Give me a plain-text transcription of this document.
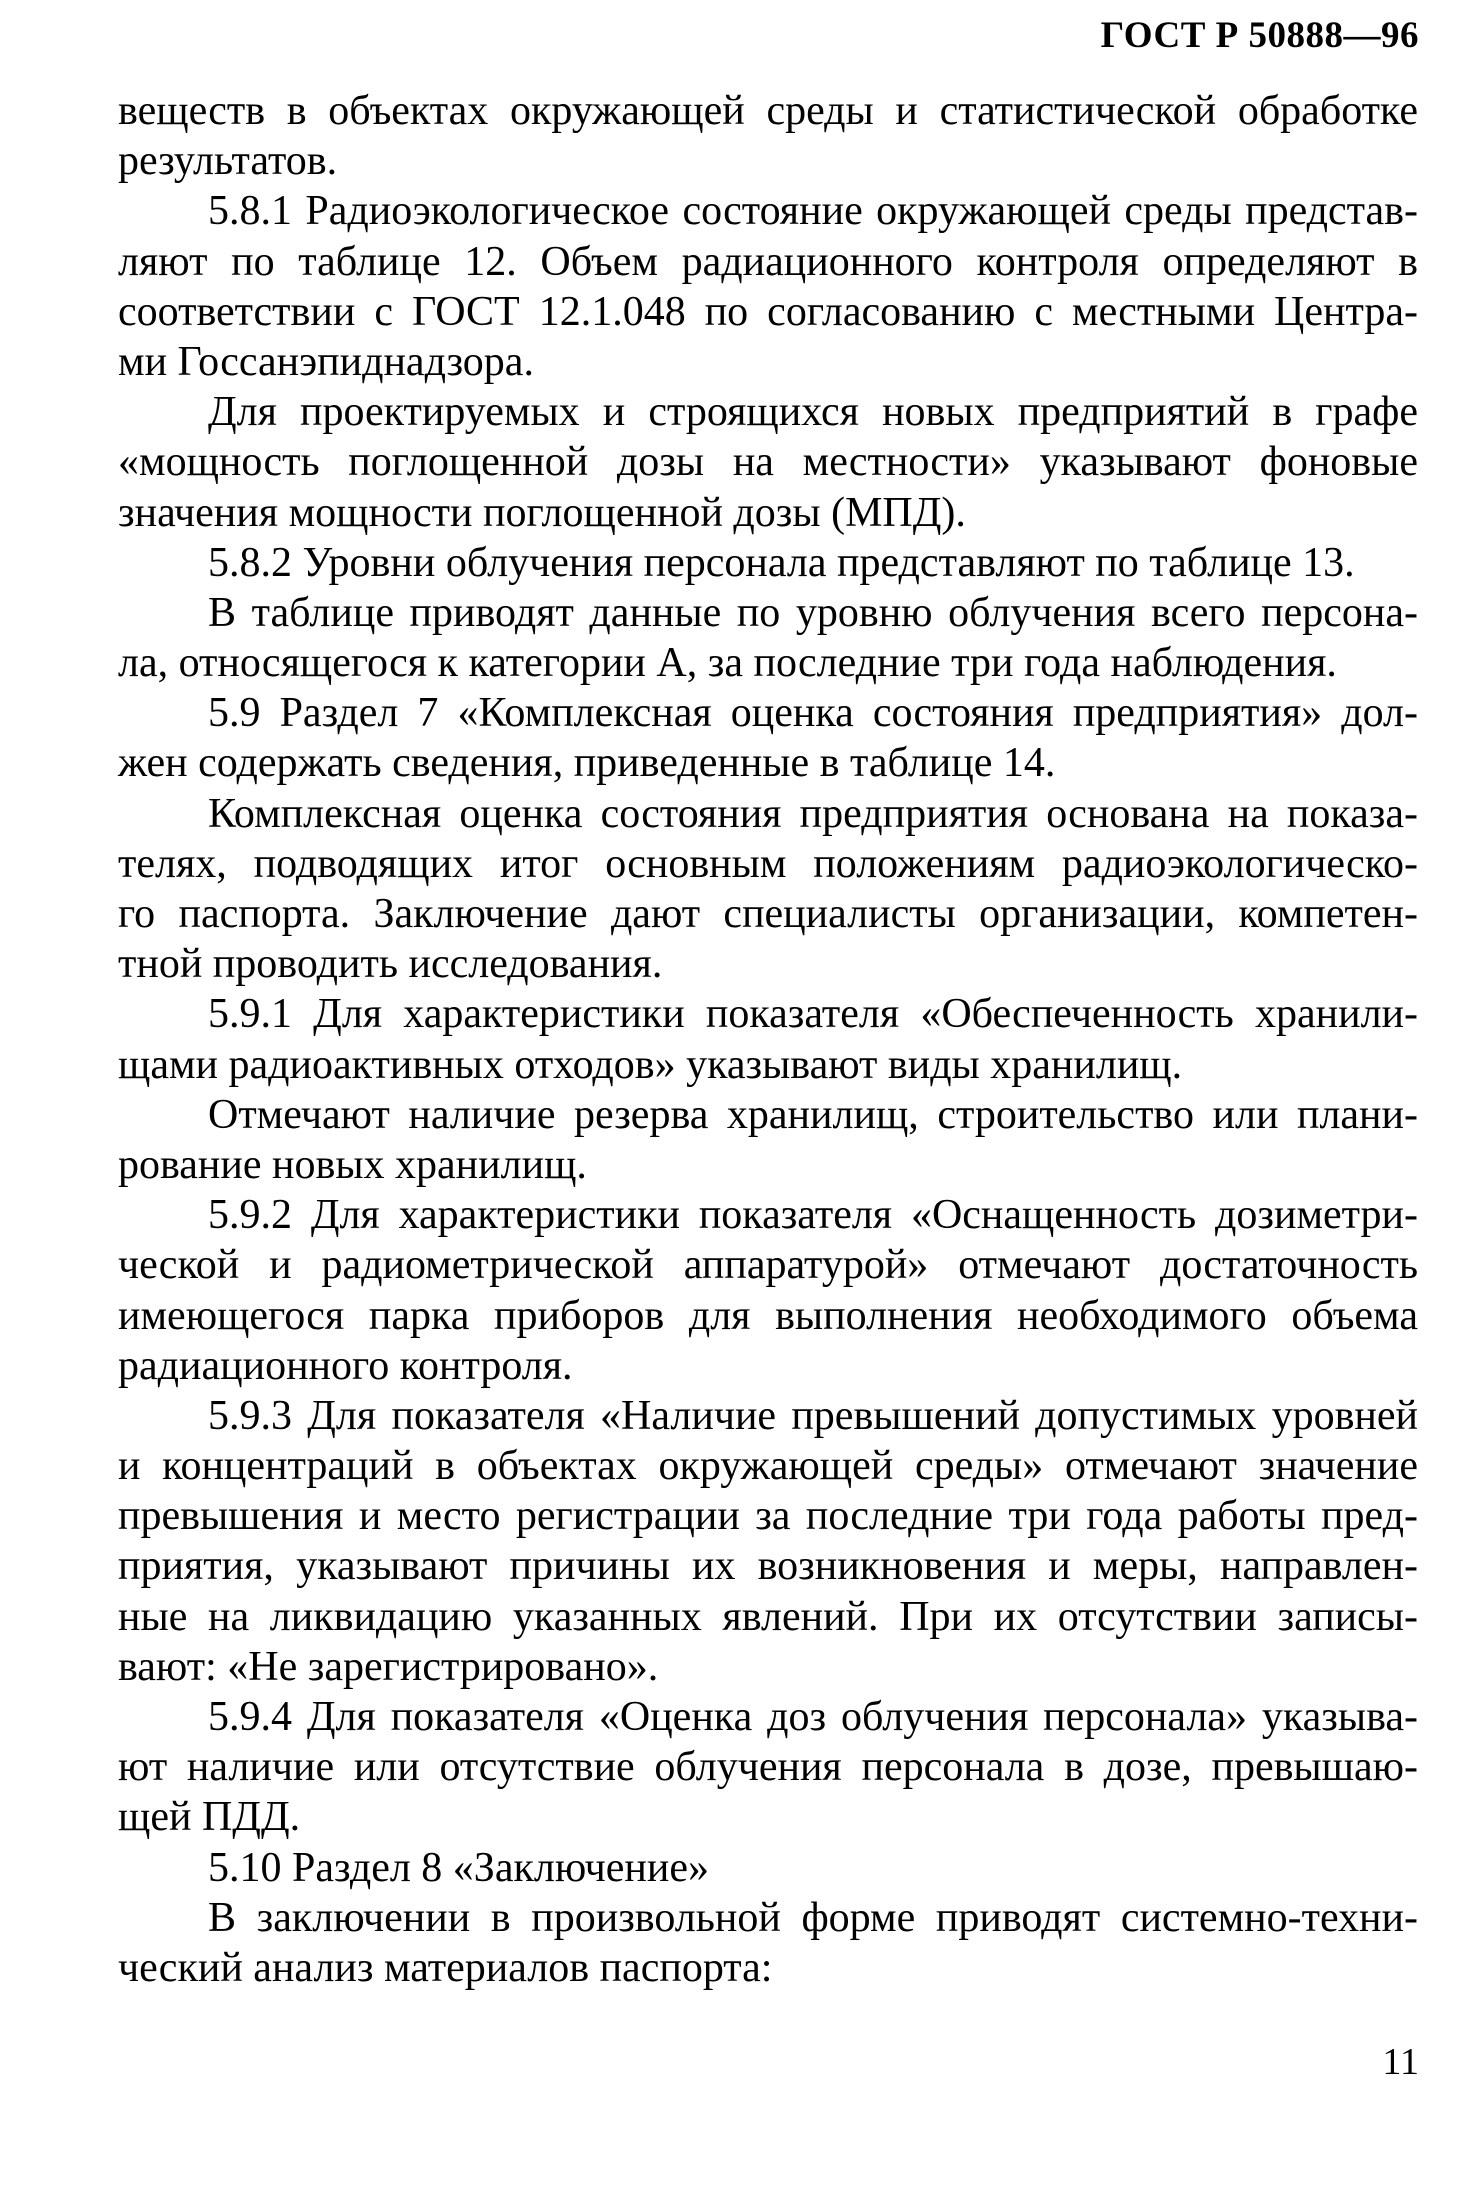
ГОСТ Р 50888—96
веществ в объектах окружающей среды и статистической обработке
результатов.
5.8.1 Радиоэкологическое состояние окружающей среды представ-
ляют по таблице 12. Объем радиационного контроля определяют в
соответствии с ГОСТ 12.1.048 по согласованию с местными Центра-
ми Госсанэпиднадзора.
Для проектируемых и строящихся новых предприятий в графе
«мощность поглощенной дозы на местности» указывают фоновые
значения мощности поглощенной дозы (МПД).
5.8.2 Уровни облучения персонала представляют по таблице 13.
В таблице приводят данные по уровню облучения всего персона-
ла, относящегося к категории А, за последние три года наблюдения.
5.9 Раздел 7 «Комплексная оценка состояния предприятия» дол-
жен содержать сведения, приведенные в таблице 14.
Комплексная оценка состояния предприятия основана на показа-
телях, подводящих итог основным положениям радиоэкологическо-
го паспорта. Заключение дают специалисты организации, компетен-
тной проводить исследования.
5.9.1 Для характеристики показателя «Обеспеченность хранили-
щами радиоактивных отходов» указывают виды хранилищ.
Отмечают наличие резерва хранилищ, строительство или плани-
рование новых хранилищ.
5.9.2 Для характеристики показателя «Оснащенность дозиметри-
ческой и радиометрической аппаратурой» отмечают достаточность
имеющегося парка приборов для выполнения необходимого объема
радиационного контроля.
5.9.3 Для показателя «Наличие превышений допустимых уровней
и концентраций в объектах окружающей среды» отмечают значение
превышения и место регистрации за последние три года работы пред-
приятия, указывают причины их возникновения и меры, направлен-
ные на ликвидацию указанных явлений. При их отсутствии записы-
вают: «Не зарегистрировано».
5.9.4 Для показателя «Оценка доз облучения персонала» указыва-
ют наличие или отсутствие облучения персонала в дозе, превышаю-
щей ПДД.
5.10 Раздел 8 «Заключение»
В заключении в произвольной форме приводят системно-техни-
ческий анализ материалов паспорта:
11
